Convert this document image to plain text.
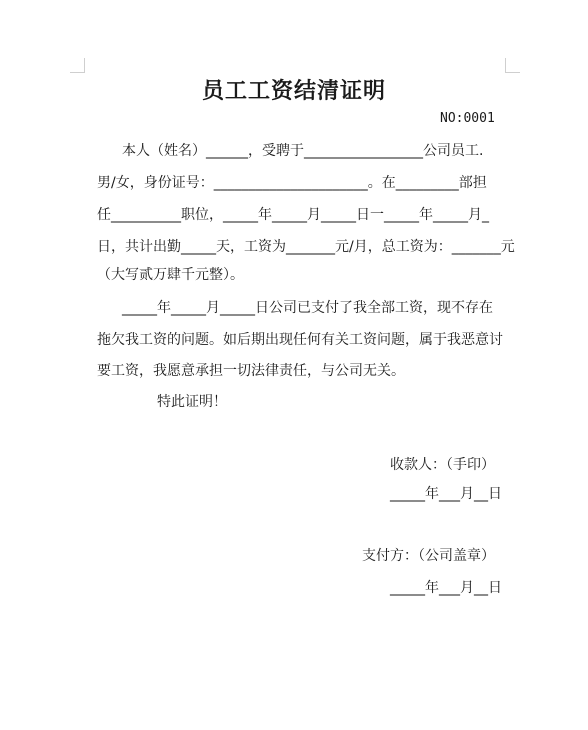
员工工资结清证明
NO:0001
本人（姓名）______，受聘于_________________公司员工.
男/女，身份证号：______________________。在_________部担
任__________职位，_____年_____月_____日一_____年_____月_
日，共计出勤_____天，工资为_______元/月，总工资为：_______元
（大写贰万肆千元整）。
_____年_____月_____日公司已支付了我全部工资，现不存在
拖欠我工资的问题。如后期出现任何有关工资问题，属于我恶意讨
要工资，我愿意承担一切法律责任，与公司无关。
特此证明！
收款人：（手印）
_____年___月__日
支付方：（公司盖章）
_____年___月__日
